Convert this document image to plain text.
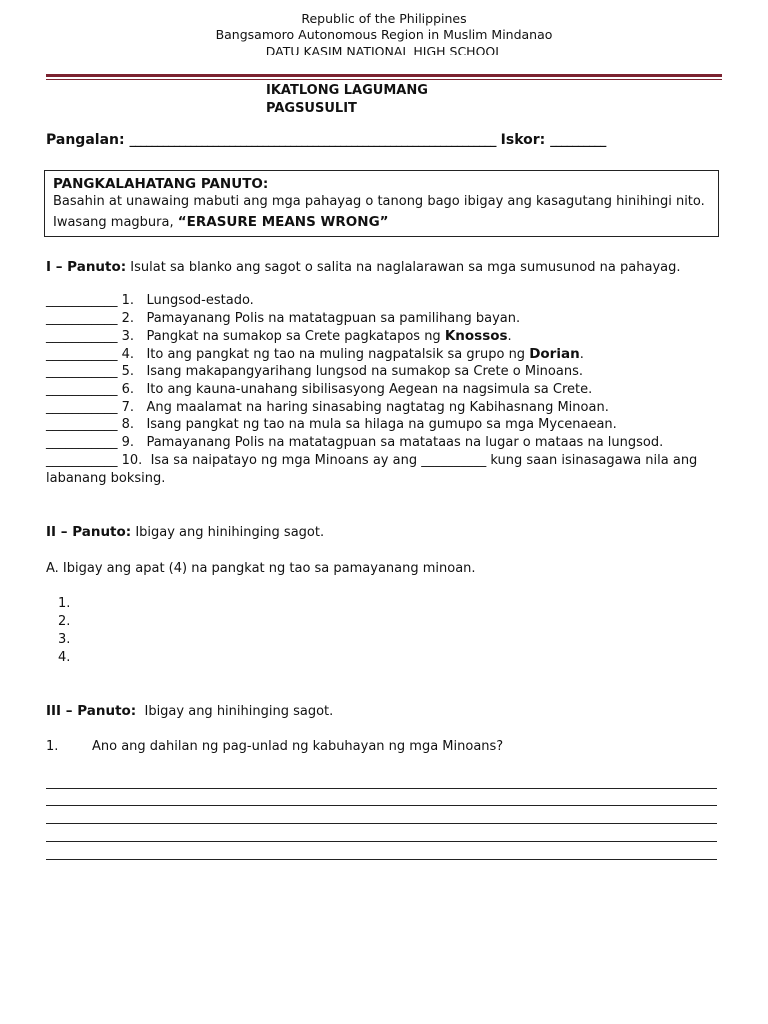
Republic of the Philippines
Bangsamoro Autonomous Region in Muslim Mindanao
DATU KASIM NATIONAL HIGH SCHOOL
IKATLONG LAGUMANG
PAGSUSULIT

Pangalan: __________________________________________________________________ Iskor: __________
PANGKALAHATANG PANUTO:
Basahin at unawaing mabuti ang mga pahayag o tanong bago ibigay ang kasagutang hinihingi nito.
Iwasang magbura, “ERASURE MEANS WRONG”
I – Panuto: Isulat sa blanko ang sagot o salita na naglalarawan sa mga sumusunod na pahayag.
___________ 1. Lungsod-estado.
___________ 2. Pamayanang Polis na matatagpuan sa pamilihang bayan.
___________ 3. Pangkat na sumakop sa Crete pagkatapos ng Knossos.
___________ 4. Ito ang pangkat ng tao na muling nagpatalsik sa grupo ng Dorian.
___________ 5. Isang makapangyarihang lungsod na sumakop sa Crete o Minoans.
___________ 6. Ito ang kauna-unahang sibilisasyong Aegean na nagsimula sa Crete.
___________ 7. Ang maalamat na haring sinasabing nagtatag ng Kabihasnang Minoan.
___________ 8. Isang pangkat ng tao na mula sa hilaga na gumupo sa mga Mycenaean.
___________ 9. Pamayanang Polis na matatagpuan sa matataas na lugar o mataas na lungsod.
___________ 10. Isa sa naipatayo ng mga Minoans ay ang __________ kung saan isinasagawa nila ang
labanang boksing.
II – Panuto: Ibigay ang hinihinging sagot.
A. Ibigay ang apat (4) na pangkat ng tao sa pamayanang minoan.
1.
2.
3.
4.
III – Panuto:  Ibigay ang hinihinging sagot.
1.	Ano ang dahilan ng pag-unlad ng kabuhayan ng mga Minoans?
